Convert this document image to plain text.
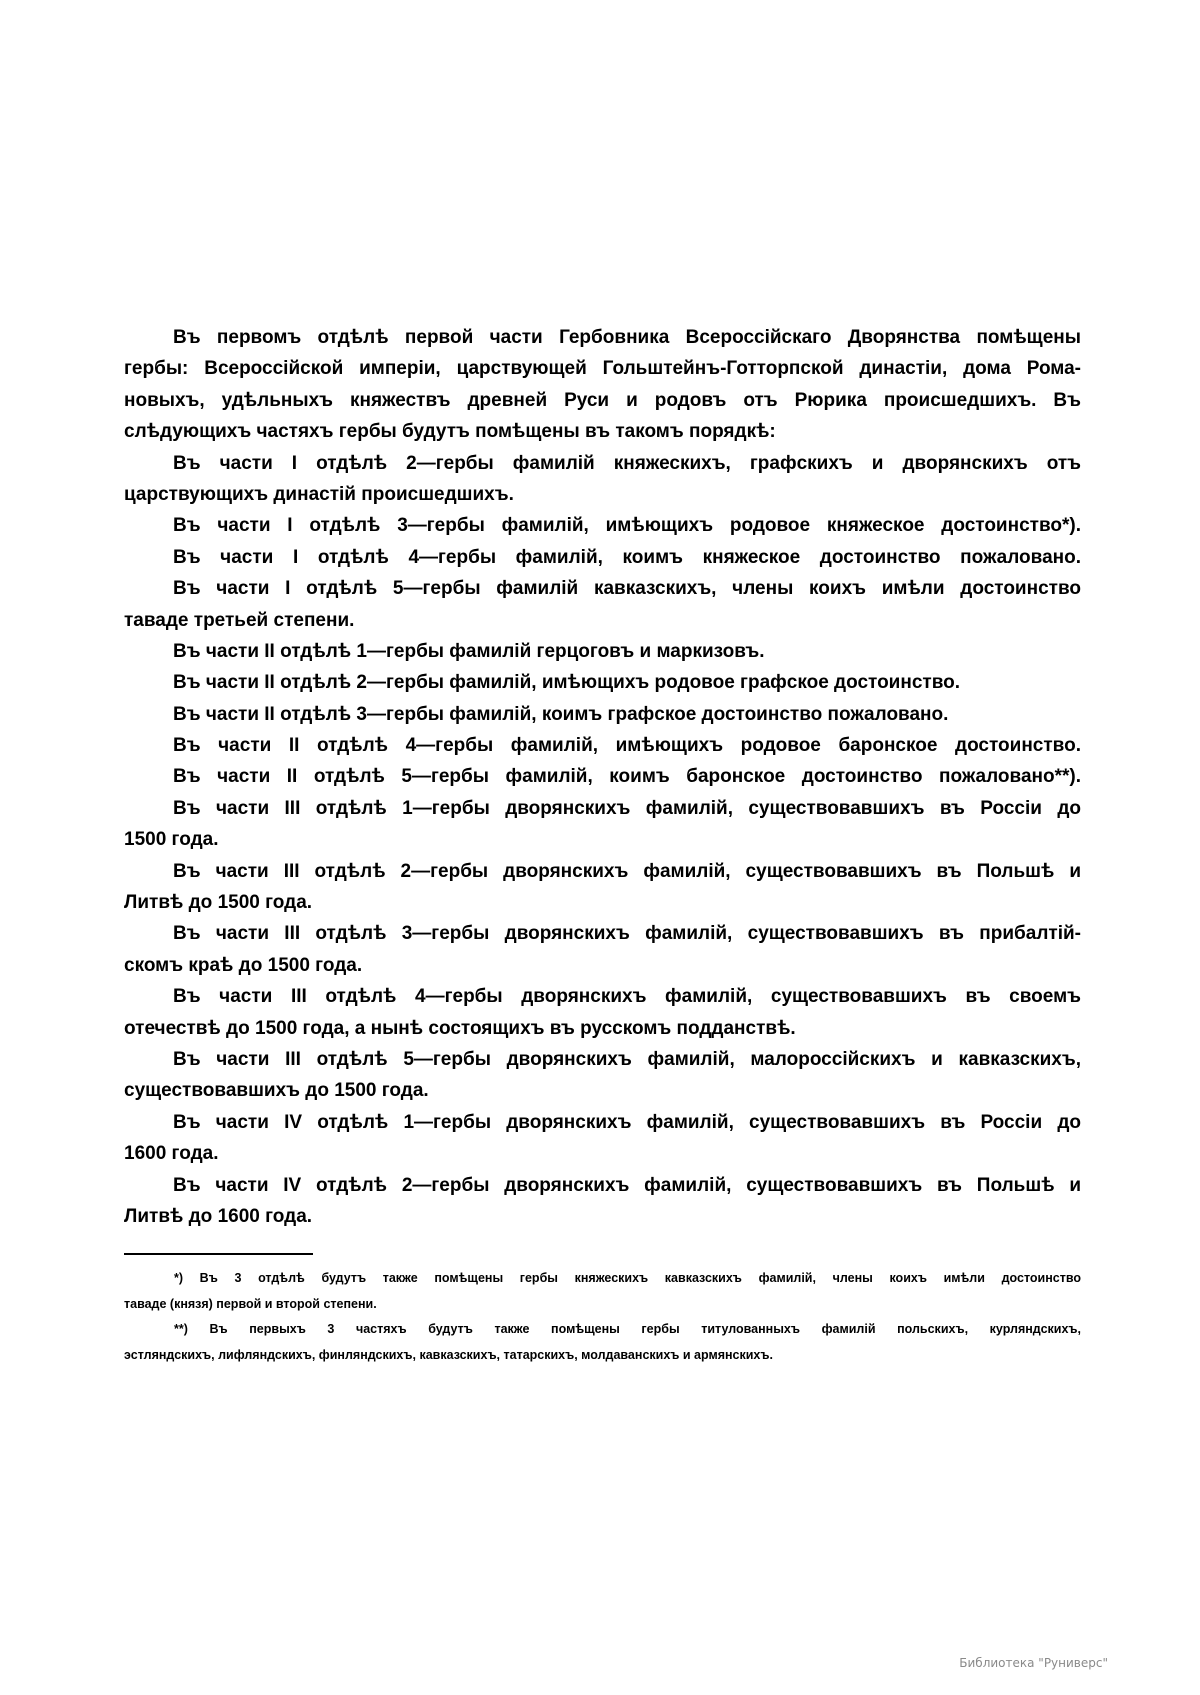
Въ первомъ отдѣлѣ первой части Гербовника Всероссійскаго Дворянства помѣщены
гербы: Всероссійской имперіи, царствующей Гольштейнъ-Готторпской династіи, дома Рома-
новыхъ, удѣльныхъ княжествъ древней Руси и родовъ отъ Рюрика происшедшихъ. Въ
слѣдующихъ частяхъ гербы будутъ помѣщены въ такомъ порядкѣ:
Въ части I отдѣлѣ 2—гербы фамилій княжескихъ, графскихъ и дворянскихъ отъ
царствующихъ династій происшедшихъ.
Въ части I отдѣлѣ 3—гербы фамилій, имѣющихъ родовое княжеское достоинство*).
Въ части I отдѣлѣ 4—гербы фамилій, коимъ княжеское достоинство пожаловано.
Въ части I отдѣлѣ 5—гербы фамилій кавказскихъ, члены коихъ имѣли достоинство
таваде третьей степени.
Въ части II отдѣлѣ 1—гербы фамилій герцоговъ и маркизовъ.
Въ части II отдѣлѣ 2—гербы фамилій, имѣющихъ родовое графское достоинство.
Въ части II отдѣлѣ 3—гербы фамилій, коимъ графское достоинство пожаловано.
Въ части II отдѣлѣ 4—гербы фамилій, имѣющихъ родовое баронское достоинство.
Въ части II отдѣлѣ 5—гербы фамилій, коимъ баронское достоинство пожаловано**).
Въ части III отдѣлѣ 1—гербы дворянскихъ фамилій, существовавшихъ въ Россіи до
1500 года.
Въ части III отдѣлѣ 2—гербы дворянскихъ фамилій, существовавшихъ въ Польшѣ и
Литвѣ до 1500 года.
Въ части III отдѣлѣ 3—гербы дворянскихъ фамилій, существовавшихъ въ прибалтій-
скомъ краѣ до 1500 года.
Въ части III отдѣлѣ 4—гербы дворянскихъ фамилій, существовавшихъ въ своемъ
отечествѣ до 1500 года, а нынѣ состоящихъ въ русскомъ подданствѣ.
Въ части III отдѣлѣ 5—гербы дворянскихъ фамилій, малороссійскихъ и кавказскихъ,
существовавшихъ до 1500 года.
Въ части IV отдѣлѣ 1—гербы дворянскихъ фамилій, существовавшихъ въ Россіи до
1600 года.
Въ части IV отдѣлѣ 2—гербы дворянскихъ фамилій, существовавшихъ въ Польшѣ и
Литвѣ до 1600 года.
*) Въ 3 отдѣлѣ будутъ также помѣщены гербы княжескихъ кавказскихъ фамилій, члены коихъ имѣли достоинство
таваде (князя) первой и второй степени.
**) Въ первыхъ 3 частяхъ будутъ также помѣщены гербы титулованныхъ фамилій польскихъ, курляндскихъ,
эстляндскихъ, лифляндскихъ, финляндскихъ, кавказскихъ, татарскихъ, молдаванскихъ и армянскихъ.
Библиотека "Руниверс"
